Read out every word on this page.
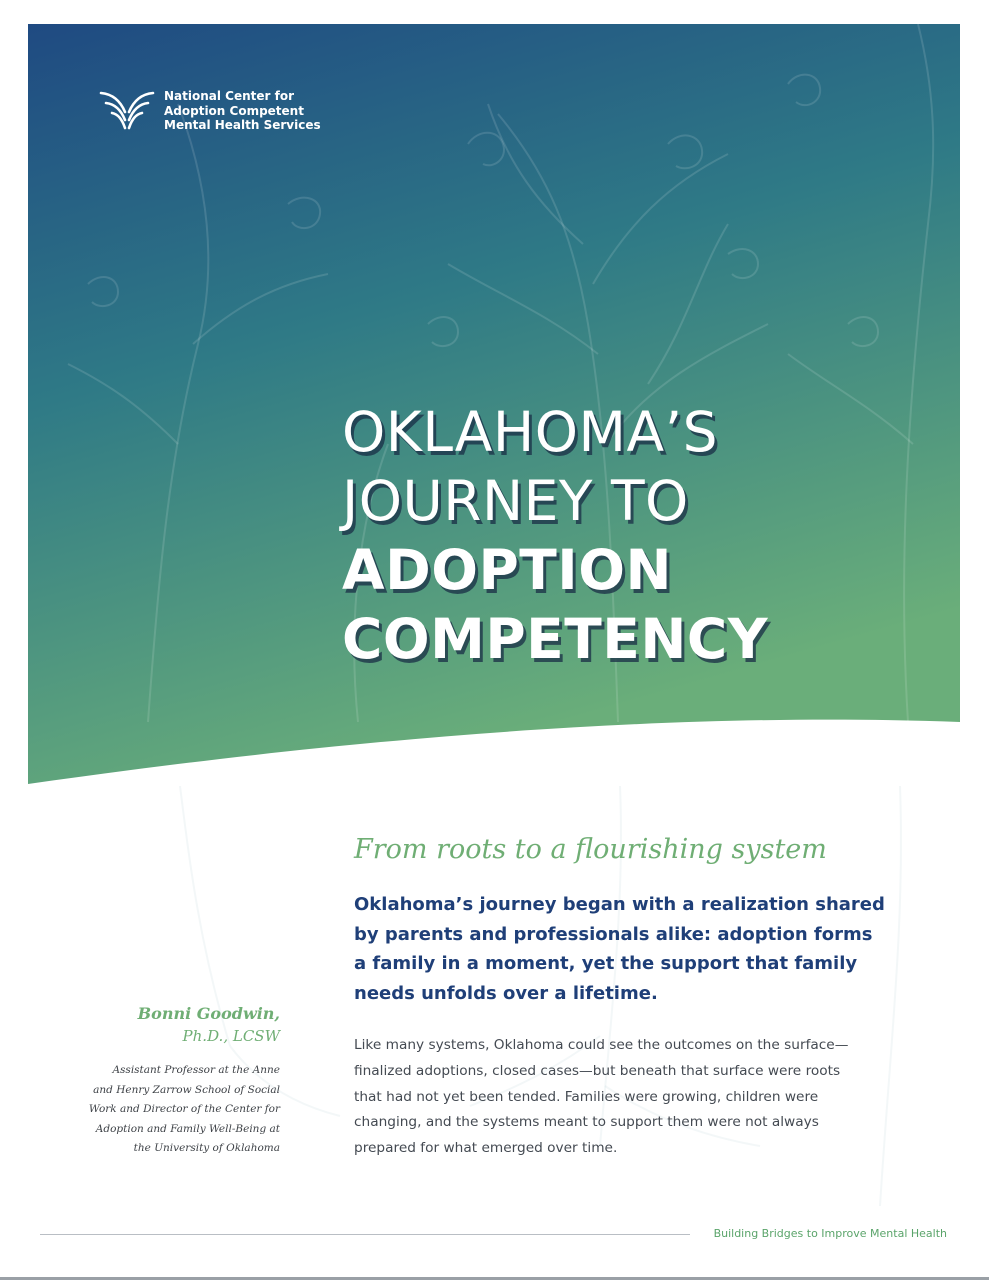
National Center for
Adoption Competent
Mental Health Services
OKLAHOMA’S
JOURNEY TO
ADOPTION
COMPETENCY
From roots to a flourishing system
Oklahoma’s journey began with a realization shared
by parents and professionals alike: adoption forms
a family in a moment, yet the support that family
needs unfolds over a lifetime.
Like many systems, Oklahoma could see the outcomes on the surface—
finalized adoptions, closed cases—but beneath that surface were roots
that had not yet been tended. Families were growing, children were
changing, and the systems meant to support them were not always
prepared for what emerged over time.
Bonni Goodwin,
Ph.D., LCSW
Assistant Professor at the Anne
and Henry Zarrow School of Social
Work and Director of the Center for
Adoption and Family Well-Being at
the University of Oklahoma
Building Bridges to Improve Mental Health
